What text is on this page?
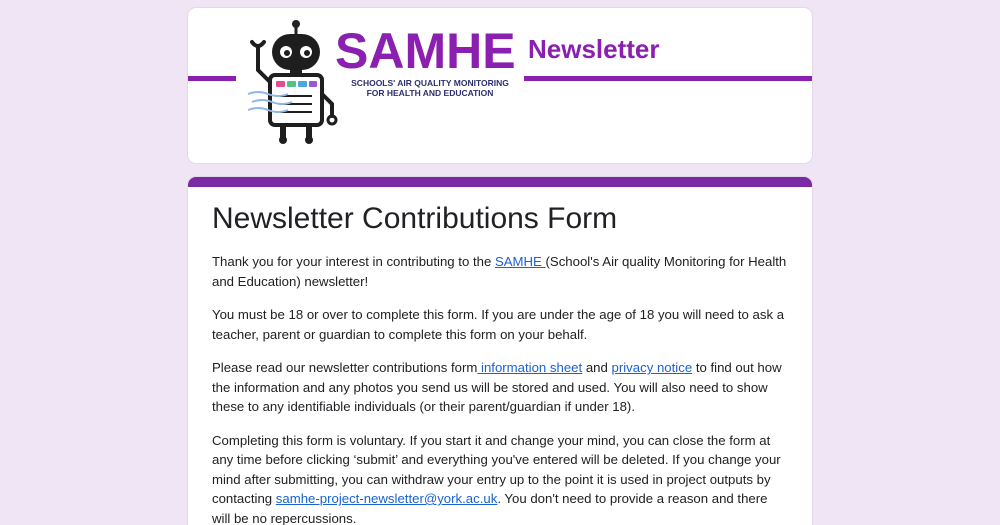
SAMHE
SCHOOLS' AIR QUALITY MONITORING
FOR HEALTH AND EDUCATION
Newsletter
Newsletter Contributions Form

Thank you for your interest in contributing to the SAMHE (School's Air quality Monitoring for Health and Education) newsletter!

You must be 18 or over to complete this form. If you are under the age of 18 you will need to ask a teacher, parent or guardian to complete this form on your behalf.

Please read our newsletter contributions form information sheet and privacy notice to find out how the information and any photos you send us will be stored and used. You will also need to show these to any identifiable individuals (or their parent/guardian if under 18).

Completing this form is voluntary. If you start it and change your mind, you can close the form at any time before clicking ‘submit’ and everything you've entered will be deleted. If you change your mind after submitting, you can withdraw your entry up to the point it is used in project outputs by contacting samhe-project-newsletter@york.ac.uk. You don't need to provide a reason and there will be no repercussions.
